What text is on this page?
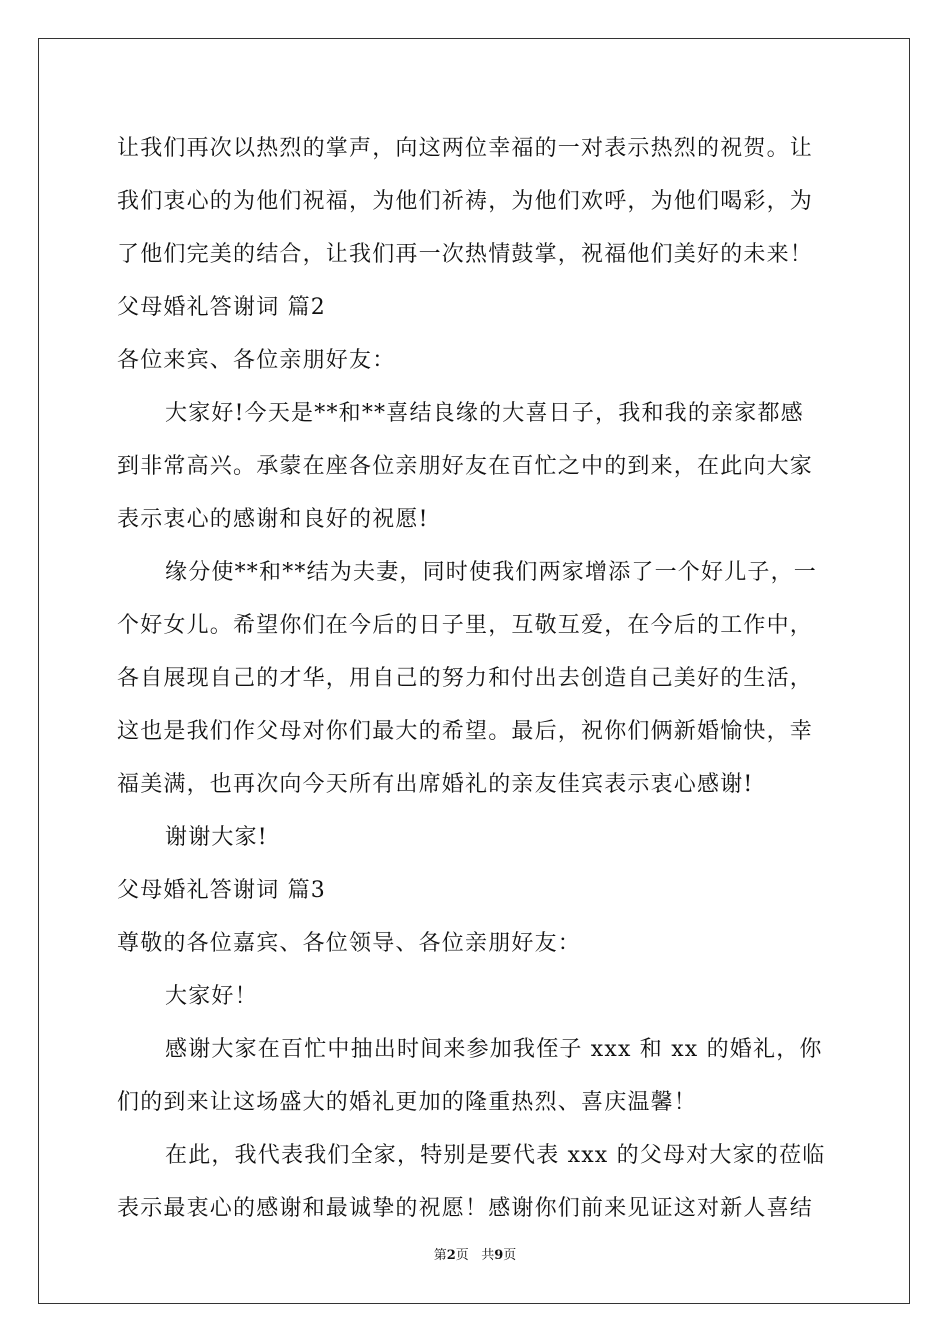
让我们再次以热烈的掌声，向这两位幸福的一对表示热烈的祝贺。让
我们衷心的为他们祝福，为他们祈祷，为他们欢呼，为他们喝彩，为
了他们完美的结合，让我们再一次热情鼓掌，祝福他们美好的未来！
父母婚礼答谢词 篇2
各位来宾、各位亲朋好友：
大家好!今天是**和**喜结良缘的大喜日子，我和我的亲家都感
到非常高兴。承蒙在座各位亲朋好友在百忙之中的到来，在此向大家
表示衷心的感谢和良好的祝愿!
缘分使**和**结为夫妻，同时使我们两家增添了一个好儿子，一
个好女儿。希望你们在今后的日子里，互敬互爱，在今后的工作中，
各自展现自己的才华，用自己的努力和付出去创造自己美好的生活，
这也是我们作父母对你们最大的希望。最后，祝你们俩新婚愉快，幸
福美满，也再次向今天所有出席婚礼的亲友佳宾表示衷心感谢!
谢谢大家!
父母婚礼答谢词 篇3
尊敬的各位嘉宾、各位领导、各位亲朋好友：
大家好！
感谢大家在百忙中抽出时间来参加我侄子 xxx 和 xx 的婚礼，你
们的到来让这场盛大的婚礼更加的隆重热烈、喜庆温馨！
在此，我代表我们全家，特别是要代表 xxx 的父母对大家的莅临
表示最衷心的感谢和最诚挚的祝愿！感谢你们前来见证这对新人喜结
第2页 共9页
